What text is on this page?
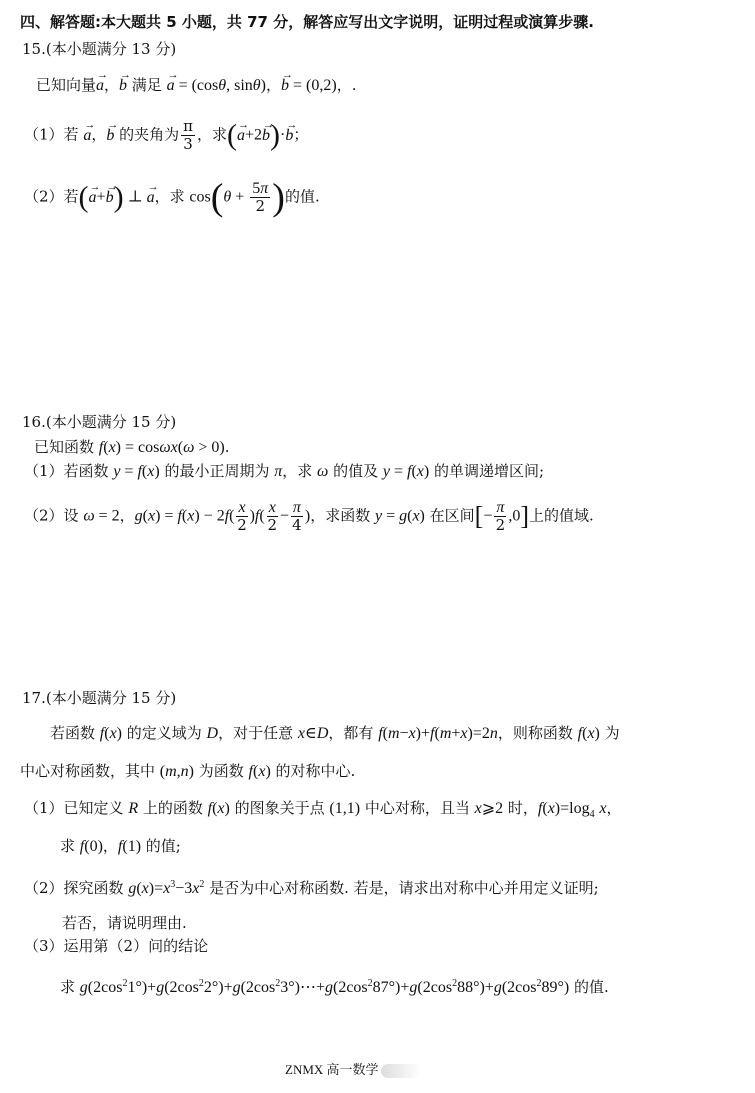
四、解答题:本大题共 5 小题，共 77 分，解答应写出文字说明，证明过程或演算步骤.
15.(本小题满分 13 分)
已知向量→ a，→ b 满足 → a = (cosθ, sinθ)，→ b = (0,2)，.
（1）若 → a，→ b 的夹角为 $\frac{\pi}{3}$ ，求(→ a+2→ b)·→ b；
（2）若(→ a+→ b) ⊥ → a，求 $\cos(\theta + \frac{5\pi}{2}$ )的值.
16.(本小题满分 15 分)
已知函数 f(x) = cosωx(ω > 0).
（1）若函数 y = f(x) 的最小正周期为 π，求 ω 的值及 y = f(x) 的单调递增区间;
（2）设 ω = 2，$g(x) = f(x) - 2f( \frac{x}{2} )f( \frac{x}{2} - \frac{\pi}{4}$ )，求函数 y = g(x) 在区间[− $\frac{\pi}{2} ,0$]上的值域.
17.(本小题满分 15 分)
若函数 f(x) 的定义域为 D，对于任意 x∈D，都有 f(m−x)+f(m+x)=2n，则称函数 f(x) 为
中心对称函数，其中 (m,n) 为函数 f(x) 的对称中心.
（1）已知定义 R 上的函数 f(x) 的图象关于点 (1,1) 中心对称，且当 x⩾2 时，$f(x)=\log_4$ x，
求 f(0)，f(1) 的值;
（2）探究函数 $g(x)=x^3-3x^2$ 是否为中心对称函数. 若是，请求出对称中心并用定义证明;
若否，请说明理由.
（3）运用第（2）问的结论
求 $g(2\cos^21^\circ)+g(2\cos^22^\circ)+g(2\cos^23^\circ)\cdots+g(2\cos^287^\circ)+g(2\cos^288^\circ)+g(2\cos^289^\circ)$ 的值.
ZNMX 高一数学
